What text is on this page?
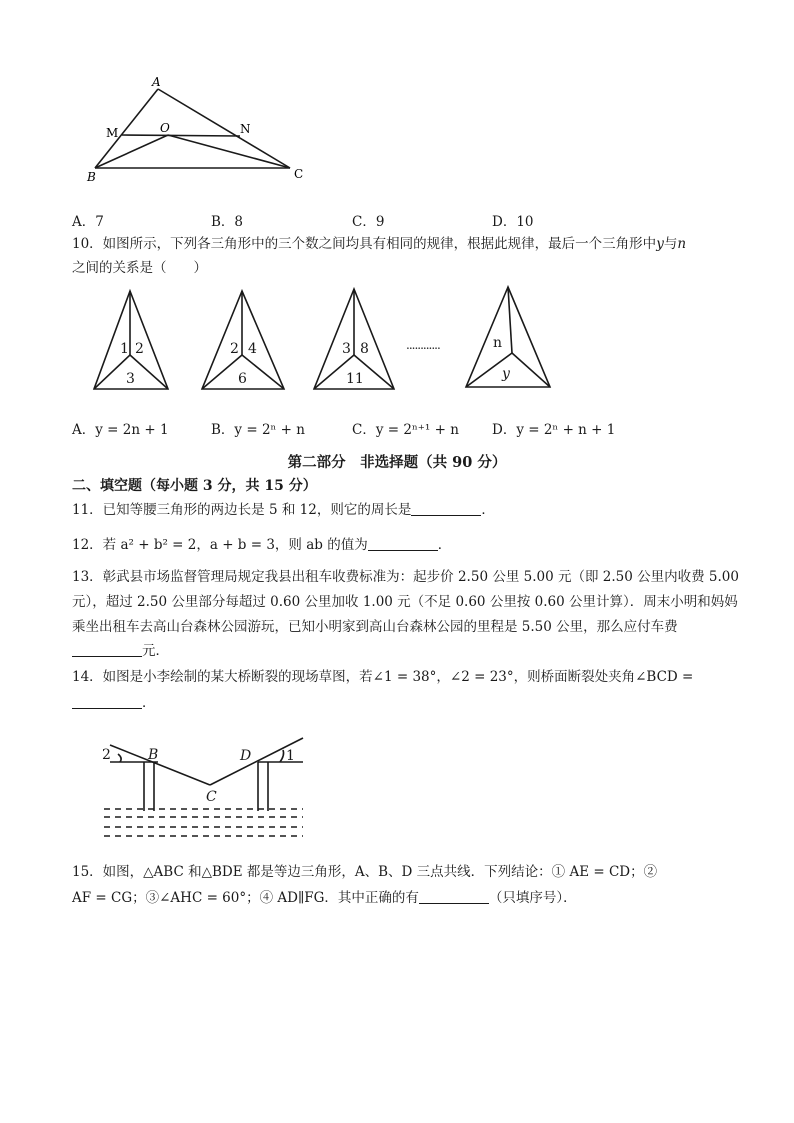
A
M	O	N
B	C
A．7	B．8	C．9	D．10
10．如图所示，下列各三角形中的三个数之间均具有相同的规律，根据此规律，最后一个三角形中y与n
之间的关系是（　　）
1 2
3
2 4
6
3 8
11
n
y
............
A．y = 2n + 1	B．y = 2ⁿ + n	C．y = 2ⁿ⁺¹ + n D．y = 2ⁿ + n + 1
第二部分　非选择题（共 90 分）
二、填空题（每小题 3 分，共 15 分）
11．已知等腰三角形的两边长是 5 和 12，则它的周长是	．
12．若 a² + b² = 2，a + b = 3，则 ab 的值为	．
13．彰武县市场监督管理局规定我县出租车收费标准为：起步价 2.50 公里 5.00 元（即 2.50 公里内收费 5.00
元），超过 2.50 公里部分每超过 0.60 公里加收 1.00 元（不足 0.60 公里按 0.60 公里计算）．周末小明和妈妈
乘坐出租车去高山台森林公园游玩，已知小明家到高山台森林公园的里程是 5.50 公里，那么应付车费
元．
14．如图是小李绘制的某大桥断裂的现场草图，若∠1 = 38°，∠2 = 23°，则桥面断裂处夹角∠BCD =
．
2	B
C
D 1
15．如图，△ABC 和△BDE 都是等边三角形，A、B、D 三点共线．下列结论：① AE = CD；②
AF = CG；③∠AHC = 60°；④ AD∥FG．其中正确的有	（只填序号）．
